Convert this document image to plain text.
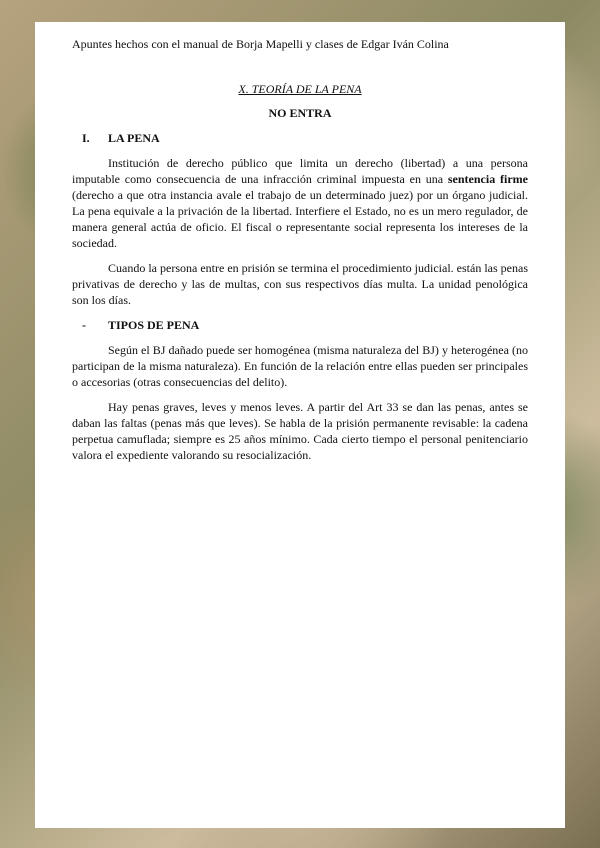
Apuntes hechos con el manual de Borja Mapelli y clases de Edgar Iván Colina
X. TEORÍA DE LA PENA
NO ENTRA
I.	LA PENA

Institución de derecho público que limita un derecho (libertad) a una persona imputable como consecuencia de una infracción criminal impuesta en una sentencia firme (derecho a que otra instancia avale el trabajo de un determinado juez) por un órgano judicial. La pena equivale a la privación de la libertad. Interfiere el Estado, no es un mero regulador, de manera general actúa de oficio. El fiscal o representante social representa los intereses de la sociedad.

Cuando la persona entre en prisión se termina el procedimiento judicial. están las penas privativas de derecho y las de multas, con sus respectivos días multa. La unidad penológica son los días.

-	TIPOS DE PENA

Según el BJ dañado puede ser homogénea (misma naturaleza del BJ) y heterogénea (no participan de la misma naturaleza). En función de la relación entre ellas pueden ser principales o accesorias (otras consecuencias del delito).

Hay penas graves, leves y menos leves. A partir del Art 33 se dan las penas, antes se daban las faltas (penas más que leves). Se habla de la prisión permanente revisable: la cadena perpetua camuflada; siempre es 25 años mínimo. Cada cierto tiempo el personal penitenciario valora el expediente valorando su resocialización.
